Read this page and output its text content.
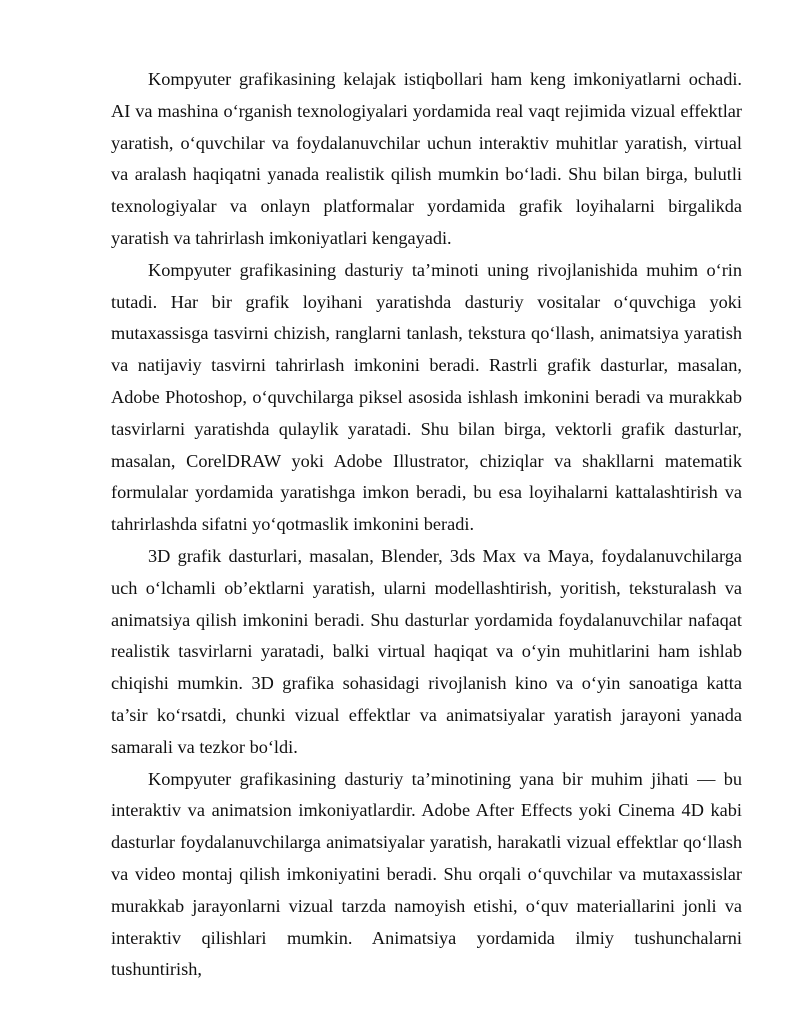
Kompyuter grafikasining kelajak istiqbollari ham keng imkoniyatlarni ochadi. AI va mashina o‘rganish texnologiyalari yordamida real vaqt rejimida vizual effektlar yaratish, o‘quvchilar va foydalanuvchilar uchun interaktiv muhitlar yaratish, virtual va aralash haqiqatni yanada realistik qilish mumkin bo‘ladi. Shu bilan birga, bulutli texnologiyalar va onlayn platformalar yordamida grafik loyihalarni birgalikda yaratish va tahrirlash imkoniyatlari kengayadi.

Kompyuter grafikasining dasturiy ta’minoti uning rivojlanishida muhim o‘rin tutadi. Har bir grafik loyihani yaratishda dasturiy vositalar o‘quvchiga yoki mutaxassisga tasvirni chizish, ranglarni tanlash, tekstura qo‘llash, animatsiya yaratish va natijaviy tasvirni tahrirlash imkonini beradi. Rastrli grafik dasturlar, masalan, Adobe Photoshop, o‘quvchilarga piksel asosida ishlash imkonini beradi va murakkab tasvirlarni yaratishda qulaylik yaratadi. Shu bilan birga, vektorli grafik dasturlar, masalan, CorelDRAW yoki Adobe Illustrator, chiziqlar va shakllarni matematik formulalar yordamida yaratishga imkon beradi, bu esa loyihalarni kattalashtirish va tahrirlashda sifatni yo‘qotmaslik imkonini beradi.

3D grafik dasturlari, masalan, Blender, 3ds Max va Maya, foydalanuvchilarga uch o‘lchamli ob’ektlarni yaratish, ularni modellashtirish, yoritish, teksturalash va animatsiya qilish imkonini beradi. Shu dasturlar yordamida foydalanuvchilar nafaqat realistik tasvirlarni yaratadi, balki virtual haqiqat va o‘yin muhitlarini ham ishlab chiqishi mumkin. 3D grafika sohasidagi rivojlanish kino va o‘yin sanoatiga katta ta’sir ko‘rsatdi, chunki vizual effektlar va animatsiyalar yaratish jarayoni yanada samarali va tezkor bo‘ldi.

Kompyuter grafikasining dasturiy ta’minotining yana bir muhim jihati — bu interaktiv va animatsion imkoniyatlardir. Adobe After Effects yoki Cinema 4D kabi dasturlar foydalanuvchilarga animatsiyalar yaratish, harakatli vizual effektlar qo‘llash va video montaj qilish imkoniyatini beradi. Shu orqali o‘quvchilar va mutaxassislar murakkab jarayonlarni vizual tarzda namoyish etishi, o‘quv materiallarini jonli va interaktiv qilishlari mumkin. Animatsiya yordamida ilmiy tushunchalarni tushuntirish,
